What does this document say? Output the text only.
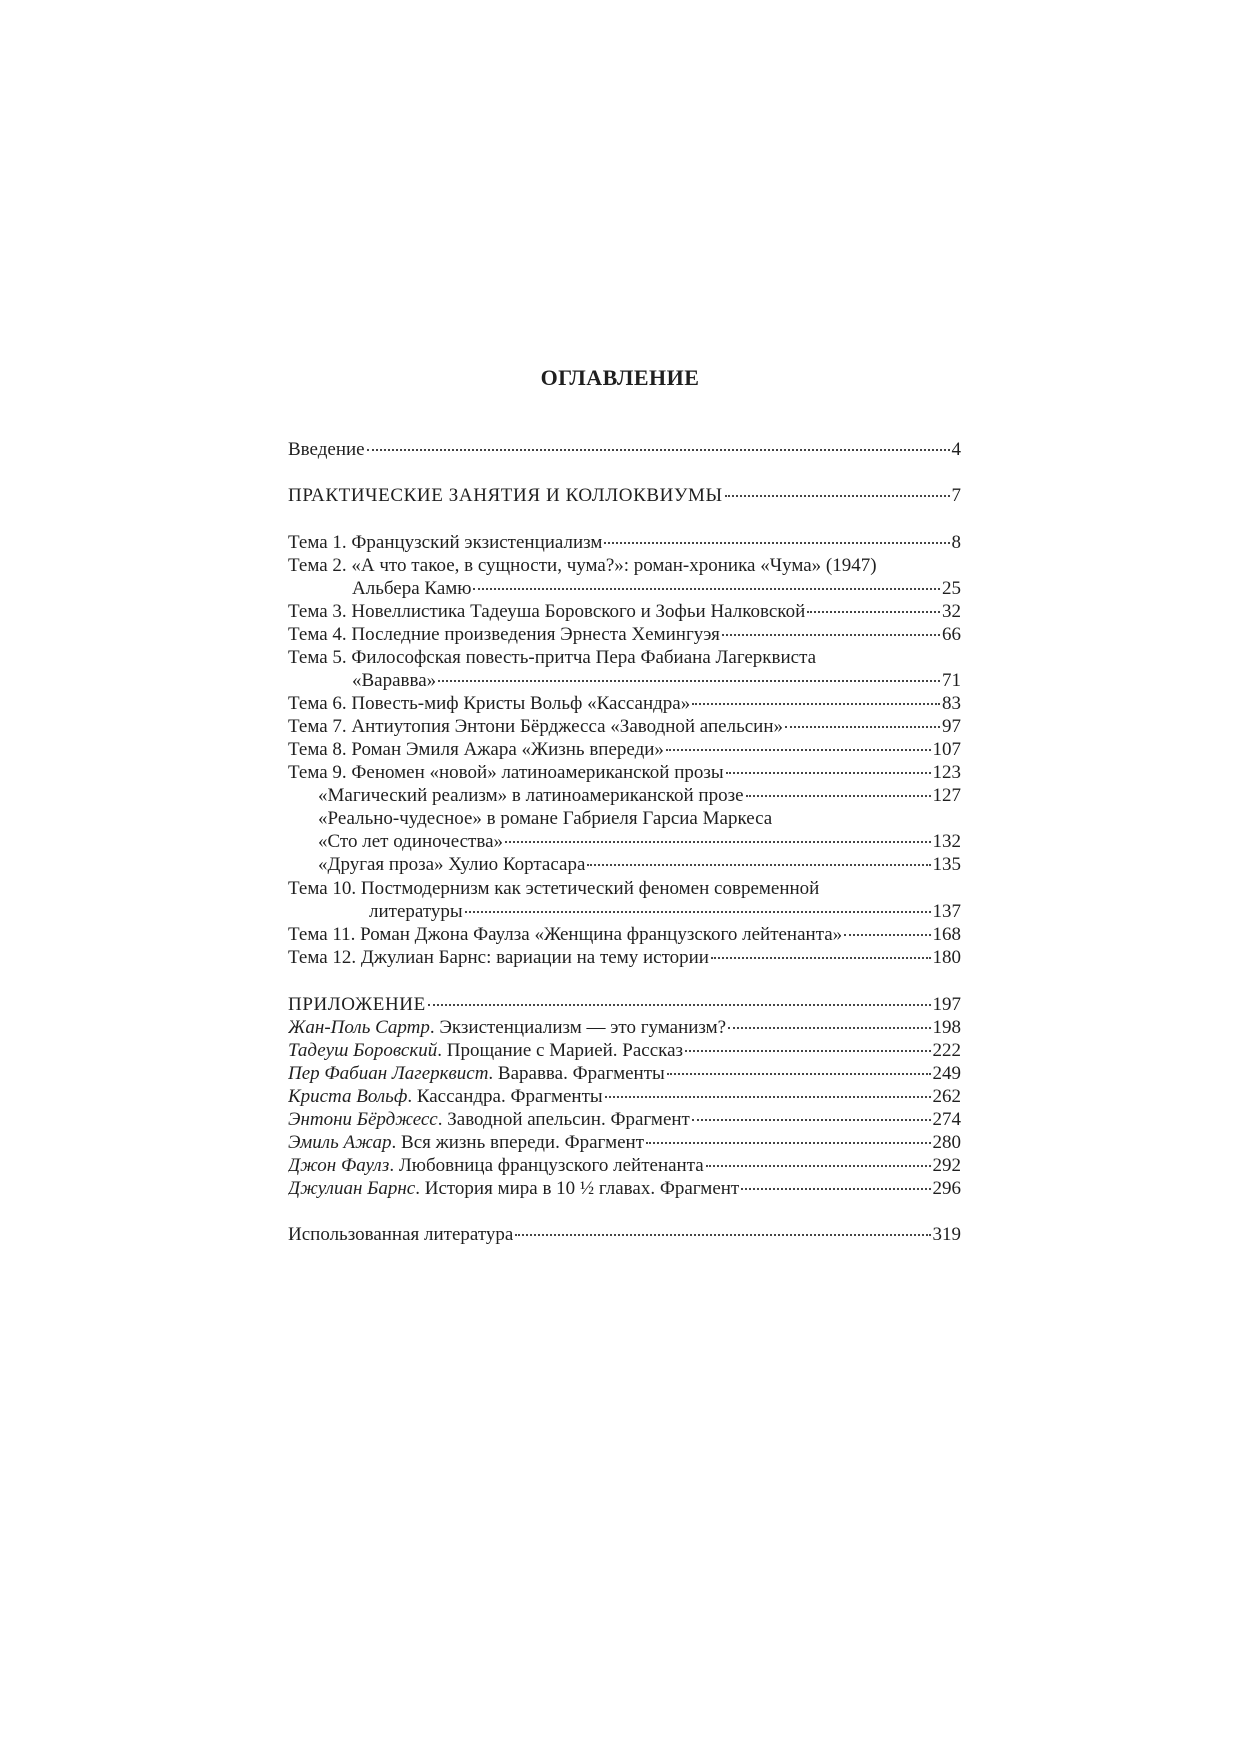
ОГЛАВЛЕНИЕ
Введение	4
ПРАКТИЧЕСКИЕ ЗАНЯТИЯ И КОЛЛОКВИУМЫ	7
Тема 1. Французский экзистенциализм	8
Тема 2. «А что такое, в сущности, чума?»: роман-хроника «Чума» (1947)
Альбера Камю	25
Тема 3. Новеллистика Тадеуша Боровского и Зофьи Налковской	32
Тема 4. Последние произведения Эрнеста Хемингуэя	66
Тема 5. Философская повесть-притча Пера Фабиана Лагерквиста
«Варавва»	71
Тема 6. Повесть-миф Кристы Вольф «Кассандра»	83
Тема 7. Антиутопия Энтони Бёрджесса «Заводной апельсин»	97
Тема 8. Роман Эмиля Ажара «Жизнь впереди»	107
Тема 9. Феномен «новой» латиноамериканской прозы	123
«Магический реализм» в латиноамериканской прозе	127
«Реально-чудесное» в романе Габриеля Гарсиа Маркеса
«Сто лет одиночества»	132
«Другая проза» Хулио Кортасара	135
Тема 10. Постмодернизм как эстетический феномен современной
литературы	137
Тема 11. Роман Джона Фаулза «Женщина французского лейтенанта»	168
Тема 12. Джулиан Барнс: вариации на тему истории	180
ПРИЛОЖЕНИЕ	197
Жан-Поль Сартр. Экзистенциализм — это гуманизм?	198
Тадеуш Боровский. Прощание с Марией. Рассказ	222
Пер Фабиан Лагерквист. Варавва. Фрагменты	249
Криста Вольф. Кассандра. Фрагменты	262
Энтони Бёрджесс. Заводной апельсин. Фрагмент	274
Эмиль Ажар. Вся жизнь впереди. Фрагмент	280
Джон Фаулз. Любовница французского лейтенанта	292
Джулиан Барнс. История мира в 10 ½ главах. Фрагмент	296
Использованная литература	319
